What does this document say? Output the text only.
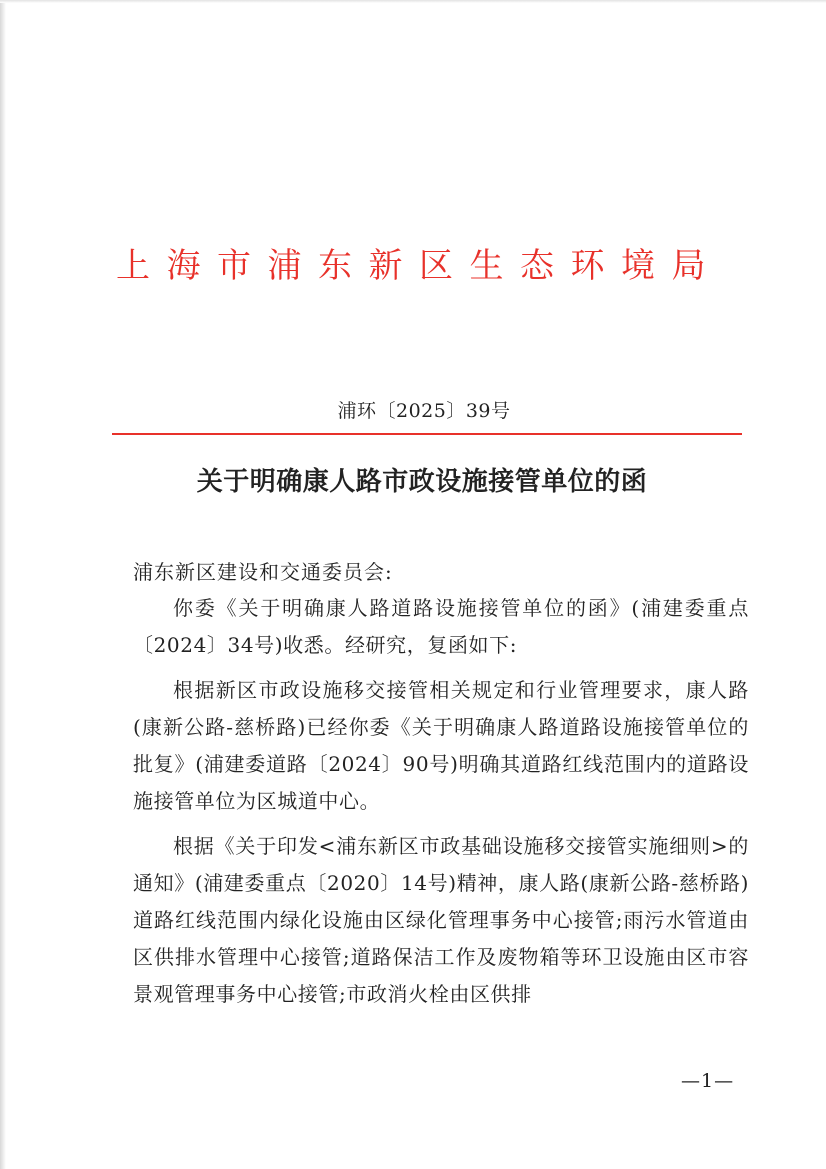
上海市浦东新区生态环境局
浦环〔2025〕39号
关于明确康人路市政设施接管单位的函
浦东新区建设和交通委员会:

你委《关于明确康人路道路设施接管单位的函》(浦建委重点〔2024〕34号)收悉。经研究，复函如下:

根据新区市政设施移交接管相关规定和行业管理要求，康人路(康新公路-慈桥路)已经你委《关于明确康人路道路设施接管单位的批复》(浦建委道路〔2024〕90号)明确其道路红线范围内的道路设施接管单位为区城道中心。

根据《关于印发<浦东新区市政基础设施移交接管实施细则>的通知》(浦建委重点〔2020〕14号)精神，康人路(康新公路-慈桥路)道路红线范围内绿化设施由区绿化管理事务中心接管;雨污水管道由区供排水管理中心接管;道路保洁工作及废物箱等环卫设施由区市容景观管理事务中心接管;市政消火栓由区供排

—1—
